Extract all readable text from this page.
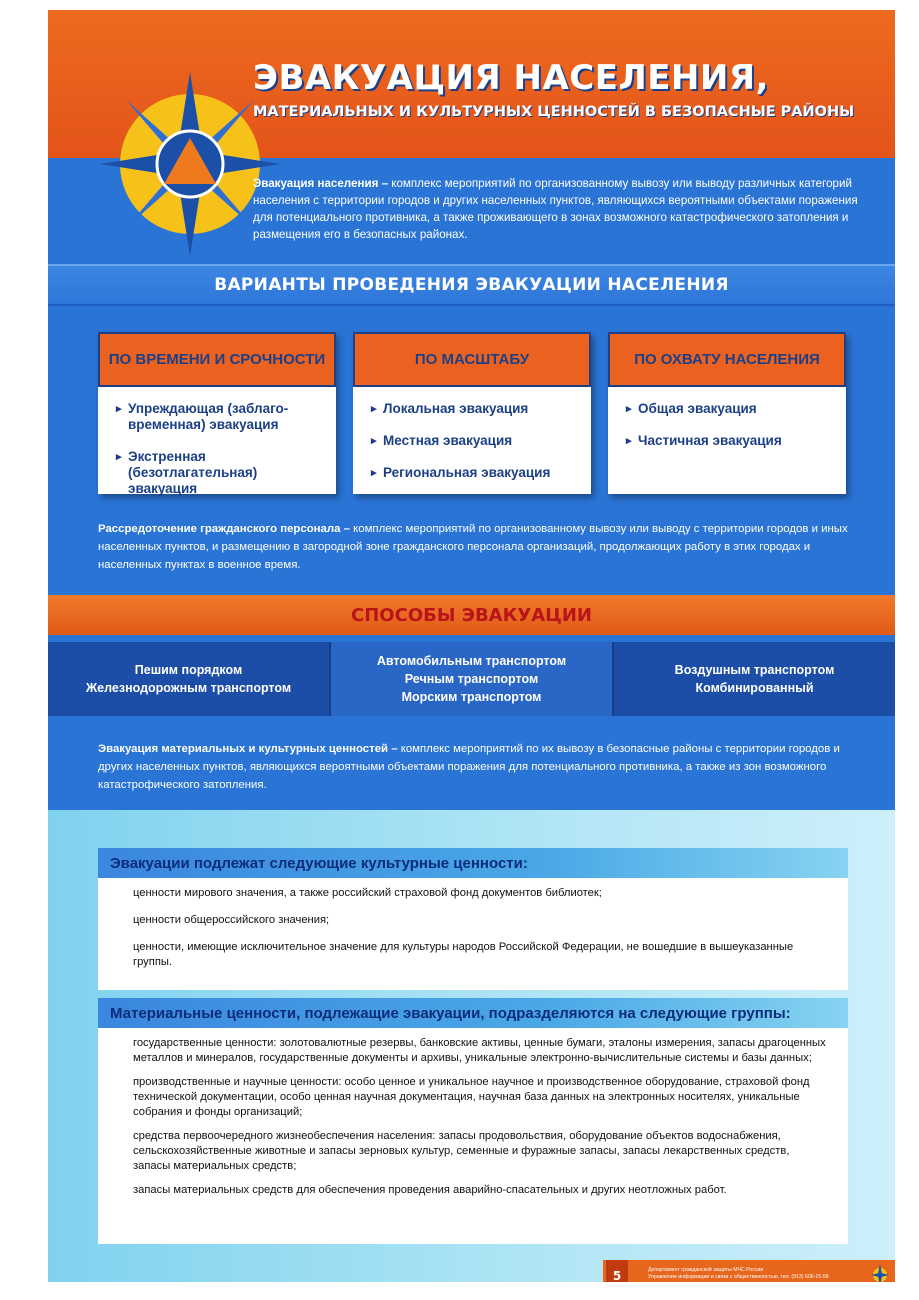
ЭВАКУАЦИЯ НАСЕЛЕНИЯ,
МАТЕРИАЛЬНЫХ И КУЛЬТУРНЫХ ЦЕННОСТЕЙ В БЕЗОПАСНЫЕ РАЙОНЫ
Эвакуация населения – комплекс мероприятий по организованному вывозу или выводу различных категорий населения с территории городов и других населенных пунктов, являющихся вероятными объектами поражения для потенциального противника, а также проживающего в зонах возможного катастрофического затопления и размещения его в безопасных районах.
ВАРИАНТЫ ПРОВЕДЕНИЯ ЭВАКУАЦИИ НАСЕЛЕНИЯ
ПО ВРЕМЕНИ И СРОЧНОСТИ
▸ Упреждающая (заблаго-временная) эвакуация
▸ Экстренная (безотлагательная) эвакуация
ПО МАСШТАБУ
▸ Локальная эвакуация
▸ Местная эвакуация
▸ Региональная эвакуация
ПО ОХВАТУ НАСЕЛЕНИЯ
▸ Общая эвакуация
▸ Частичная эвакуация
Рассредоточение гражданского персонала – комплекс мероприятий по организованному вывозу или выводу с территории городов и иных населенных пунктов, и размещению в загородной зоне гражданского персонала организаций, продолжающих работу в этих городах и населенных пунктах в военное время.
СПОСОБЫ ЭВАКУАЦИИ
Пешим порядком
Железнодорожным транспортом
Автомобильным транспортом
Речным транспортом
Морским транспортом
Воздушным транспортом
Комбинированный
Эвакуация материальных и культурных ценностей – комплекс мероприятий по их вывозу в безопасные районы с территории городов и других населенных пунктов, являющихся вероятными объектами поражения для потенциального противника, а также из зон возможного катастрофического затопления.
Эвакуации подлежат следующие культурные ценности:

ценности мирового значения, а также российский страховой фонд документов библиотек;

ценности общероссийского значения;

ценности, имеющие исключительное значение для культуры народов Российской Федерации, не вошедшие в вышеуказанные группы.

Материальные ценности, подлежащие эвакуации, подразделяются на следующие группы:

государственные ценности: золотовалютные резервы, банковские активы, ценные бумаги, эталоны измерения, запасы драгоценных металлов и минералов, государственные документы и архивы, уникальные электронно-вычислительные системы и базы данных;

производственные и научные ценности: особо ценное и уникальное научное и производственное оборудование, страховой фонд технической документации, особо ценная научная документация, научная база данных на электронных носителях, уникальные собрания и фонды организаций;

средства первоочередного жизнеобеспечения населения: запасы продовольствия, оборудование объектов водоснабжения, сельскохозяйственные животные и запасы зерновых культур, семенные и фуражные запасы, запасы лекарственных средств, запасы материальных средств;

запасы материальных средств для обеспечения проведения аварийно-спасательных и других неотложных работ.

5	Департамент гражданской защиты МЧС России
Управление информации и связи с общественностью, тел. (913) 606-15-56
